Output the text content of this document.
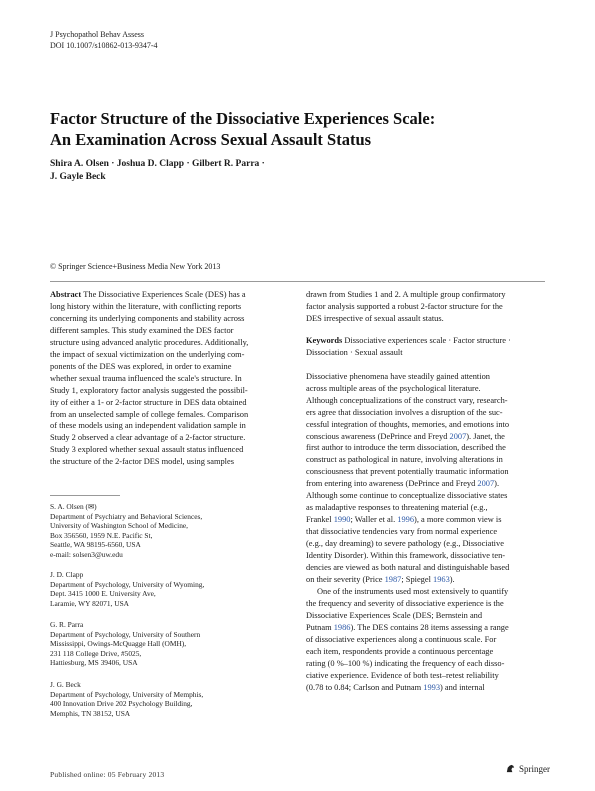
J Psychopathol Behav Assess
DOI 10.1007/s10862-013-9347-4
Factor Structure of the Dissociative Experiences Scale:
An Examination Across Sexual Assault Status
Shira A. Olsen · Joshua D. Clapp · Gilbert R. Parra ·
J. Gayle Beck
© Springer Science+Business Media New York 2013
Abstract The Dissociative Experiences Scale (DES) has a
long history within the literature, with conflicting reports
concerning its underlying components and stability across
different samples. This study examined the DES factor
structure using advanced analytic procedures. Additionally,
the impact of sexual victimization on the underlying com-
ponents of the DES was explored, in order to examine
whether sexual trauma influenced the scale's structure. In
Study 1, exploratory factor analysis suggested the possibil-
ity of either a 1- or 2-factor structure in DES data obtained
from an unselected sample of college females. Comparison
of these models using an independent validation sample in
Study 2 observed a clear advantage of a 2-factor structure.
Study 3 explored whether sexual assault status influenced
the structure of the 2-factor DES model, using samples
S. A. Olsen (✉)
Department of Psychiatry and Behavioral Sciences,
University of Washington School of Medicine,
Box 356560, 1959 N.E. Pacific St,
Seattle, WA 98195-6560, USA
e-mail: solsen3@uw.edu
J. D. Clapp
Department of Psychology, University of Wyoming,
Dept. 3415 1000 E. University Ave,
Laramie, WY 82071, USA
G. R. Parra
Department of Psychology, University of Southern
Mississippi, Owings-McQuagge Hall (OMH),
231 118 College Drive, #5025,
Hattiesburg, MS 39406, USA
J. G. Beck
Department of Psychology, University of Memphis,
400 Innovation Drive 202 Psychology Building,
Memphis, TN 38152, USA
drawn from Studies 1 and 2. A multiple group confirmatory
factor analysis supported a robust 2-factor structure for the
DES irrespective of sexual assault status.
Keywords Dissociative experiences scale · Factor structure ·
Dissociation · Sexual assault
Dissociative phenomena have steadily gained attention
across multiple areas of the psychological literature.
Although conceptualizations of the construct vary, research-
ers agree that dissociation involves a disruption of the suc-
cessful integration of thoughts, memories, and emotions into
conscious awareness (DePrince and Freyd 2007). Janet, the
first author to introduce the term dissociation, described the
construct as pathological in nature, involving alterations in
consciousness that prevent potentially traumatic information
from entering into awareness (DePrince and Freyd 2007).
Although some continue to conceptualize dissociative states
as maladaptive responses to threatening material (e.g.,
Frankel 1990; Waller et al. 1996), a more common view is
that dissociative tendencies vary from normal experience
(e.g., day dreaming) to severe pathology (e.g., Dissociative
Identity Disorder). Within this framework, dissociative ten-
dencies are viewed as both natural and distinguishable based
on their severity (Price 1987; Spiegel 1963).
One of the instruments used most extensively to quantify
the frequency and severity of dissociative experience is the
Dissociative Experiences Scale (DES; Bernstein and
Putnam 1986). The DES contains 28 items assessing a range
of dissociative experiences along a continuous scale. For
each item, respondents provide a continuous percentage
rating (0 %–100 %) indicating the frequency of each disso-
ciative experience. Evidence of both test–retest reliability
(0.78 to 0.84; Carlson and Putnam 1993) and internal
Published online: 05 February 2013
Springer
